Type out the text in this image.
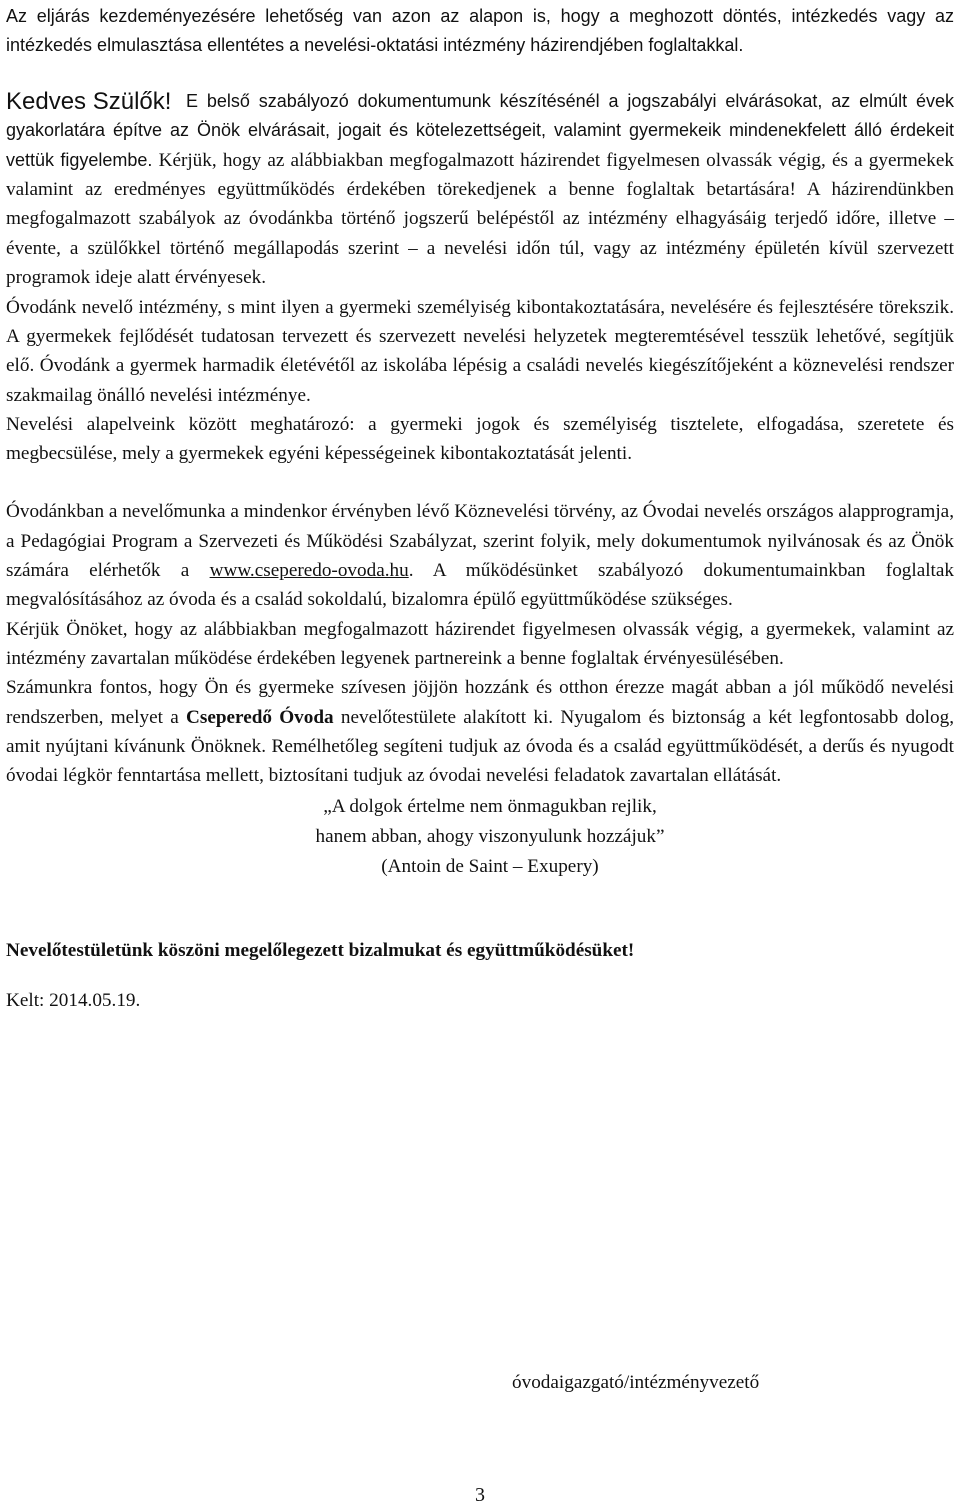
Az eljárás kezdeményezésére lehetőség van azon az alapon is, hogy a meghozott döntés, intézkedés vagy az intézkedés elmulasztása ellentétes a nevelési-oktatási intézmény házirendjében foglaltakkal.

Kedves Szülők! E belső szabályozó dokumentumunk készítésénél a jogszabályi elvárásokat, az elmúlt évek gyakorlatára építve az Önök elvárásait, jogait és kötelezettségeit, valamint gyermekeik mindenekfelett álló érdekeit vettük figyelembe. Kérjük, hogy az alábbiakban megfogalmazott házirendet figyelmesen olvassák végig, és a gyermekek valamint az eredményes együttműködés érdekében törekedjenek a benne foglaltak betartására! A házirendünkben megfogalmazott szabályok az óvodánkba történő jogszerű belépéstől az intézmény elhagyásáig terjedő időre, illetve – évente, a szülőkkel történő megállapodás szerint – a nevelési időn túl, vagy az intézmény épületén kívül szervezett programok ideje alatt érvényesek.

Óvodánk nevelő intézmény, s mint ilyen a gyermeki személyiség kibontakoztatására, nevelésére és fejlesztésére törekszik. A gyermekek fejlődését tudatosan tervezett és szervezett nevelési helyzetek megteremtésével tesszük lehetővé, segítjük elő. Óvodánk a gyermek harmadik életévétől az iskolába lépésig a családi nevelés kiegészítőjeként a köznevelési rendszer szakmailag önálló nevelési intézménye.

Nevelési alapelveink között meghatározó: a gyermeki jogok és személyiség tisztelete, elfogadása, szeretete és megbecsülése, mely a gyermekek egyéni képességeinek kibontakoztatását jelenti.

Óvodánkban a nevelőmunka a mindenkor érvényben lévő Köznevelési törvény, az Óvodai nevelés országos alapprogramja, a Pedagógiai Program a Szervezeti és Működési Szabályzat, szerint folyik, mely dokumentumok nyilvánosak és az Önök számára elérhetők a www.cseperedo-ovoda.hu. A működésünket szabályozó dokumentumainkban foglaltak megvalósításához az óvoda és a család sokoldalú, bizalomra épülő együttműködése szükséges.

Kérjük Önöket, hogy az alábbiakban megfogalmazott házirendet figyelmesen olvassák végig, a gyermekek, valamint az intézmény zavartalan működése érdekében legyenek partnereink a benne foglaltak érvényesülésében.

Számunkra fontos, hogy Ön és gyermeke szívesen jöjjön hozzánk és otthon érezze magát abban a jól működő nevelési rendszerben, melyet a Cseperedő Óvoda nevelőtestülete alakított ki. Nyugalom és biztonság a két legfontosabb dolog, amit nyújtani kívánunk Önöknek. Remélhetőleg segíteni tudjuk az óvoda és a család együttműködését, a derűs és nyugodt óvodai légkör fenntartása mellett, biztosítani tudjuk az óvodai nevelési feladatok zavartalan ellátását.

„A dolgok értelme nem önmagukban rejlik,
hanem abban, ahogy viszonyulunk hozzájuk”
(Antoin de Saint – Exupery)

Nevelőtestületünk köszöni megelőlegezett bizalmukat és együttműködésüket!

Kelt: 2014.05.19.

óvodaigazgató/intézményvezető
3
